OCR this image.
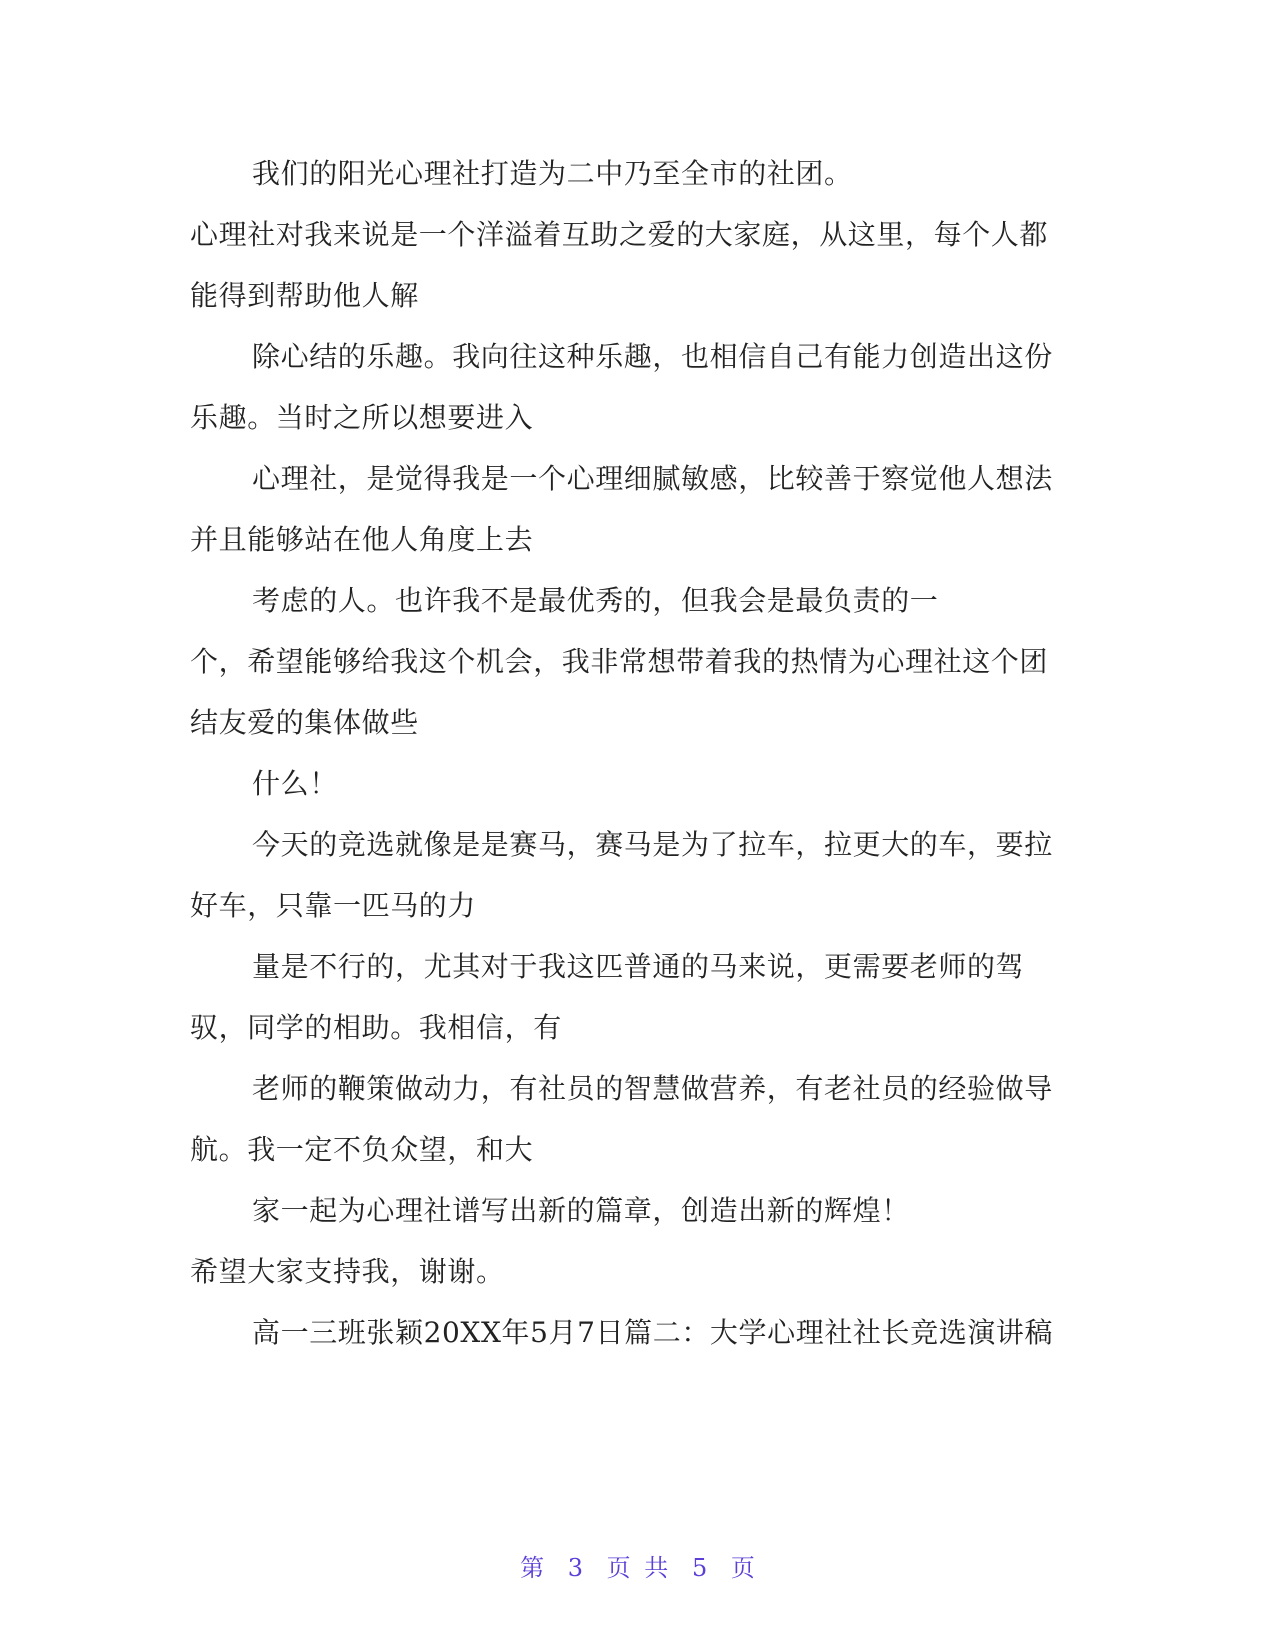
我们的阳光心理社打造为二中乃至全市的社团。

心理社对我来说是一个洋溢着互助之爱的大家庭，从这里，每个人都能得到帮助他人解

除心结的乐趣。我向往这种乐趣，也相信自己有能力创造出这份乐趣。当时之所以想要进入

心理社，是觉得我是一个心理细腻敏感，比较善于察觉他人想法并且能够站在他人角度上去

考虑的人。也许我不是最优秀的，但我会是最负责的一

个，希望能够给我这个机会，我非常想带着我的热情为心理社这个团结友爱的集体做些

什么！

今天的竞选就像是是赛马，赛马是为了拉车，拉更大的车，要拉好车，只靠一匹马的力

量是不行的，尤其对于我这匹普通的马来说，更需要老师的驾驭，同学的相助。我相信，有

老师的鞭策做动力，有社员的智慧做营养，有老社员的经验做导航。我一定不负众望，和大

家一起为心理社谱写出新的篇章，创造出新的辉煌！

希望大家支持我，谢谢。

高一三班张颖20XX年5月7日篇二：大学心理社社长竞选演讲稿

第 3 页 共 5 页
